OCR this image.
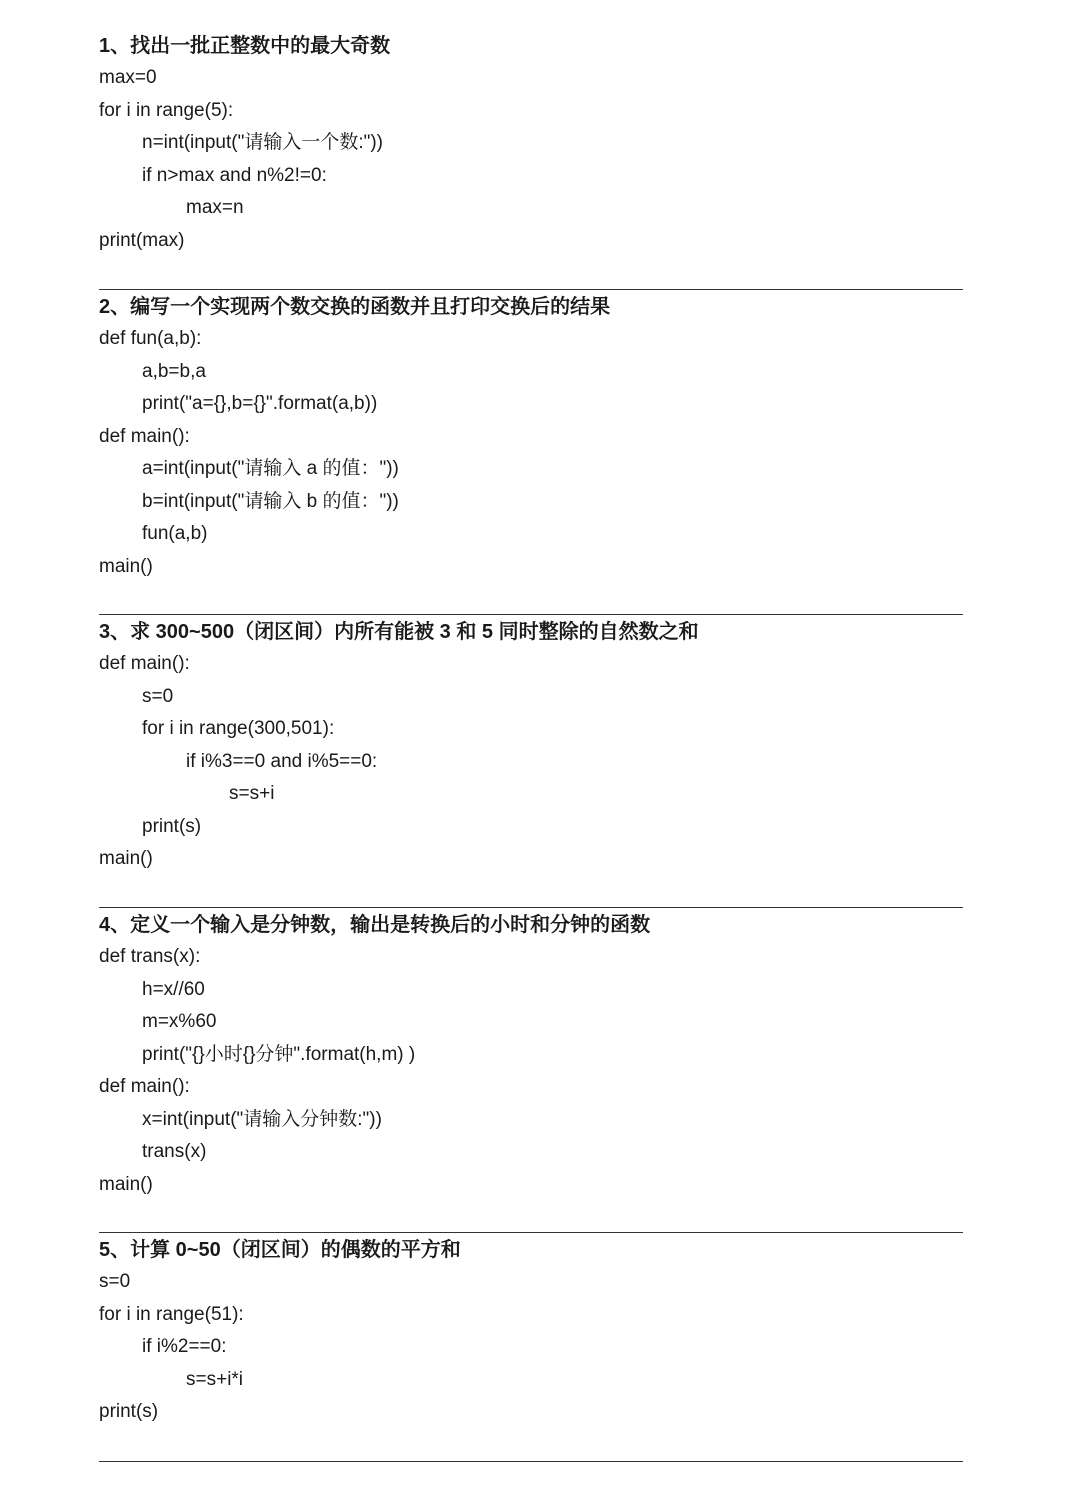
1、找出一批正整数中的最大奇数
max=0
for i in range(5):
n=int(input("请输入一个数:"))
if n>max and n%2!=0:
max=n
print(max)
2、编写一个实现两个数交换的函数并且打印交换后的结果
def fun(a,b):
a,b=b,a
print("a={},b={}".format(a,b))
def main():
a=int(input("请输入 a 的值："))
b=int(input("请输入 b 的值："))
fun(a,b)
main()
3、求 300~500（闭区间）内所有能被 3 和 5 同时整除的自然数之和
def main():
s=0
for i in range(300,501):
if i%3==0 and i%5==0:
s=s+i
print(s)
main()
4、定义一个输入是分钟数，输出是转换后的小时和分钟的函数
def trans(x):
h=x//60
m=x%60
print("{}小时{}分钟".format(h,m) )
def main():
x=int(input("请输入分钟数:"))
trans(x)
main()
5、计算 0~50（闭区间）的偶数的平方和
s=0
for i in range(51):
if i%2==0:
s=s+i*i
print(s)
